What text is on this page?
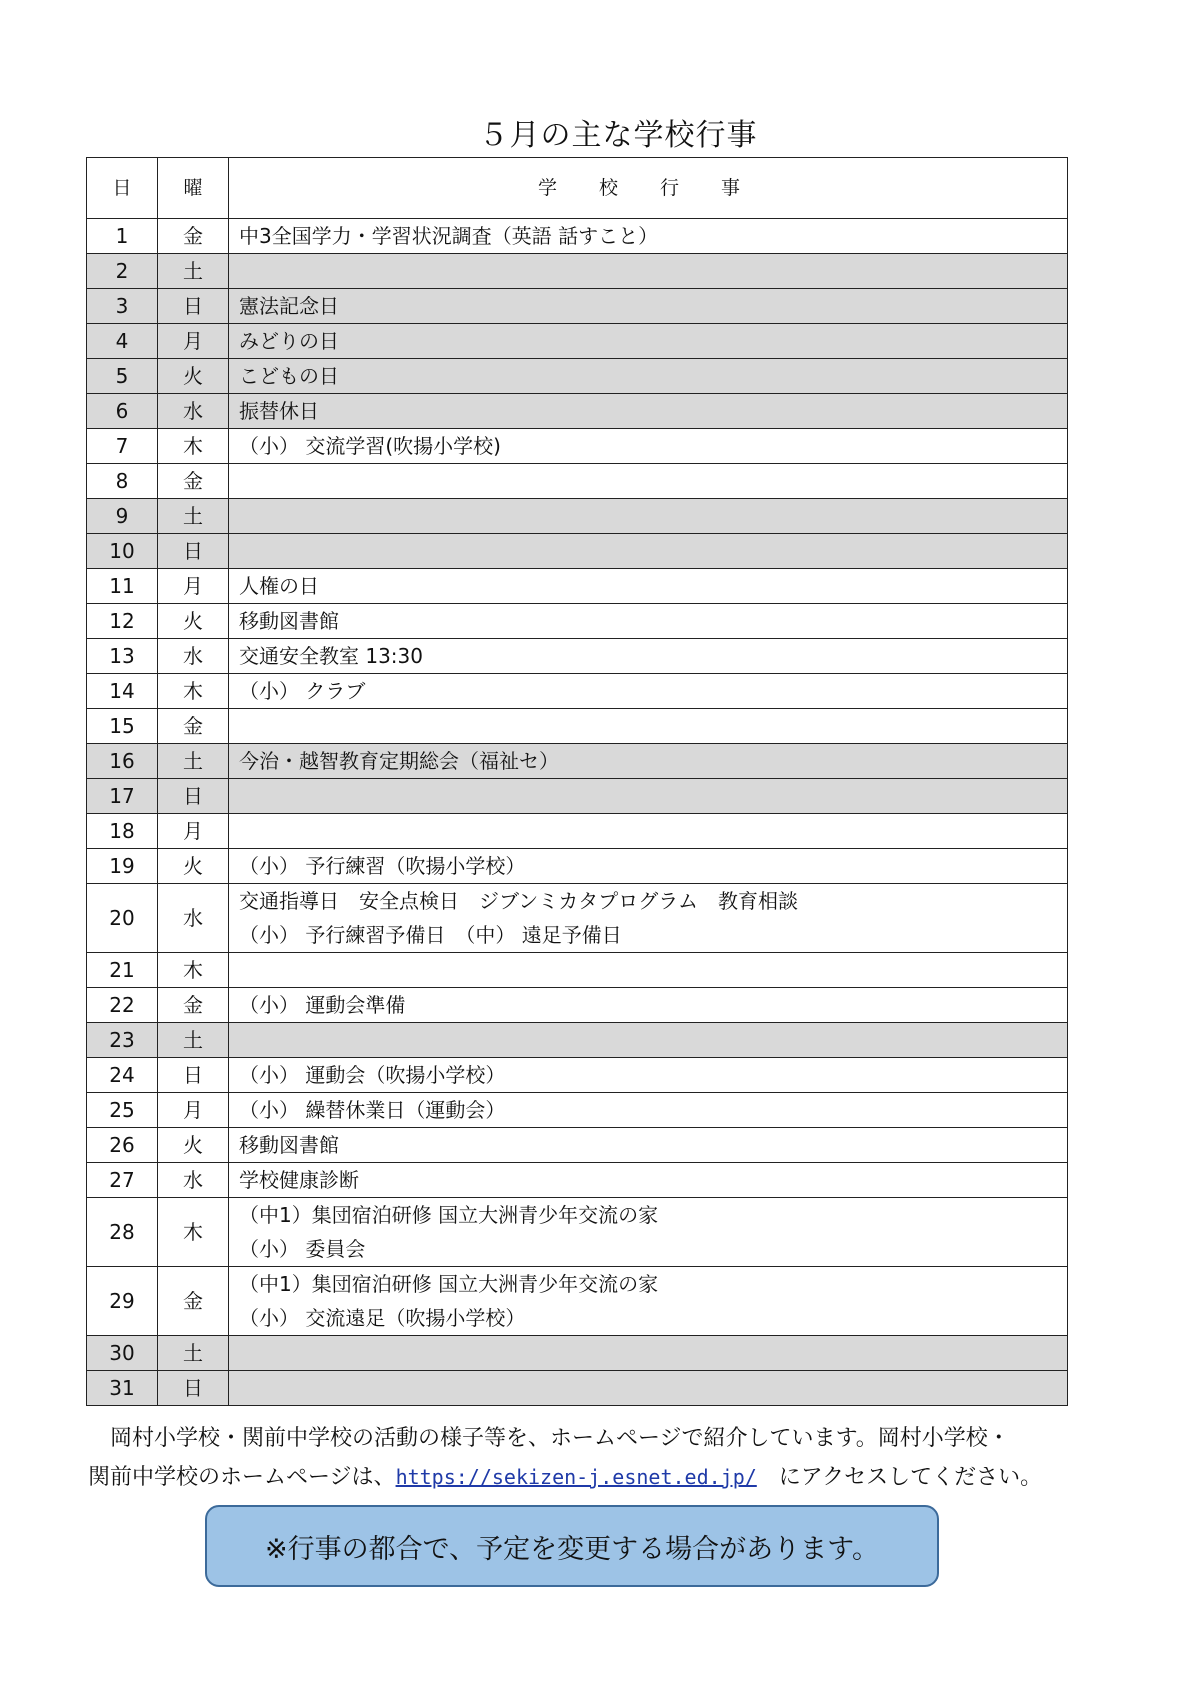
５月の主な学校行事
日	曜	学 校 行 事
1	金	中3全国学力・学習状況調査（英語 話すこと）

2	土	
3	日	憲法記念日

4	月	みどりの日

5	火	こどもの日

6	水	振替休日

7	木	（小） 交流学習(吹揚小学校)

8	金	
9	土	
10	日	
11	月	人権の日

12	火	移動図書館

13	水	交通安全教室 13:30

14	木	（小） クラブ

15	金	
16	土	今治・越智教育定期総会（福祉セ）

17	日	
18	月	
19	火	（小） 予行練習（吹揚小学校）

20	水	交通指導日　安全点検日　ジブンミカタプログラム　教育相談
（小） 予行練習予備日　（中） 遠足予備日

21	木	
22	金	（小） 運動会準備

23	土	
24	日	（小） 運動会（吹揚小学校）

25	月	（小） 繰替休業日（運動会）

26	火	移動図書館

27	水	学校健康診断

28	木	（中1）集団宿泊研修 国立大洲青少年交流の家
（小） 委員会

29	金	（中1）集団宿泊研修 国立大洲青少年交流の家
（小） 交流遠足（吹揚小学校）

30	土	
31	日	
岡村小学校・関前中学校の活動の様子等を、ホームページで紹介しています。岡村小学校・
関前中学校のホームページは、https://sekizen-j.esnet.ed.jp/　にアクセスしてください。
※行事の都合で、予定を変更する場合があります。
